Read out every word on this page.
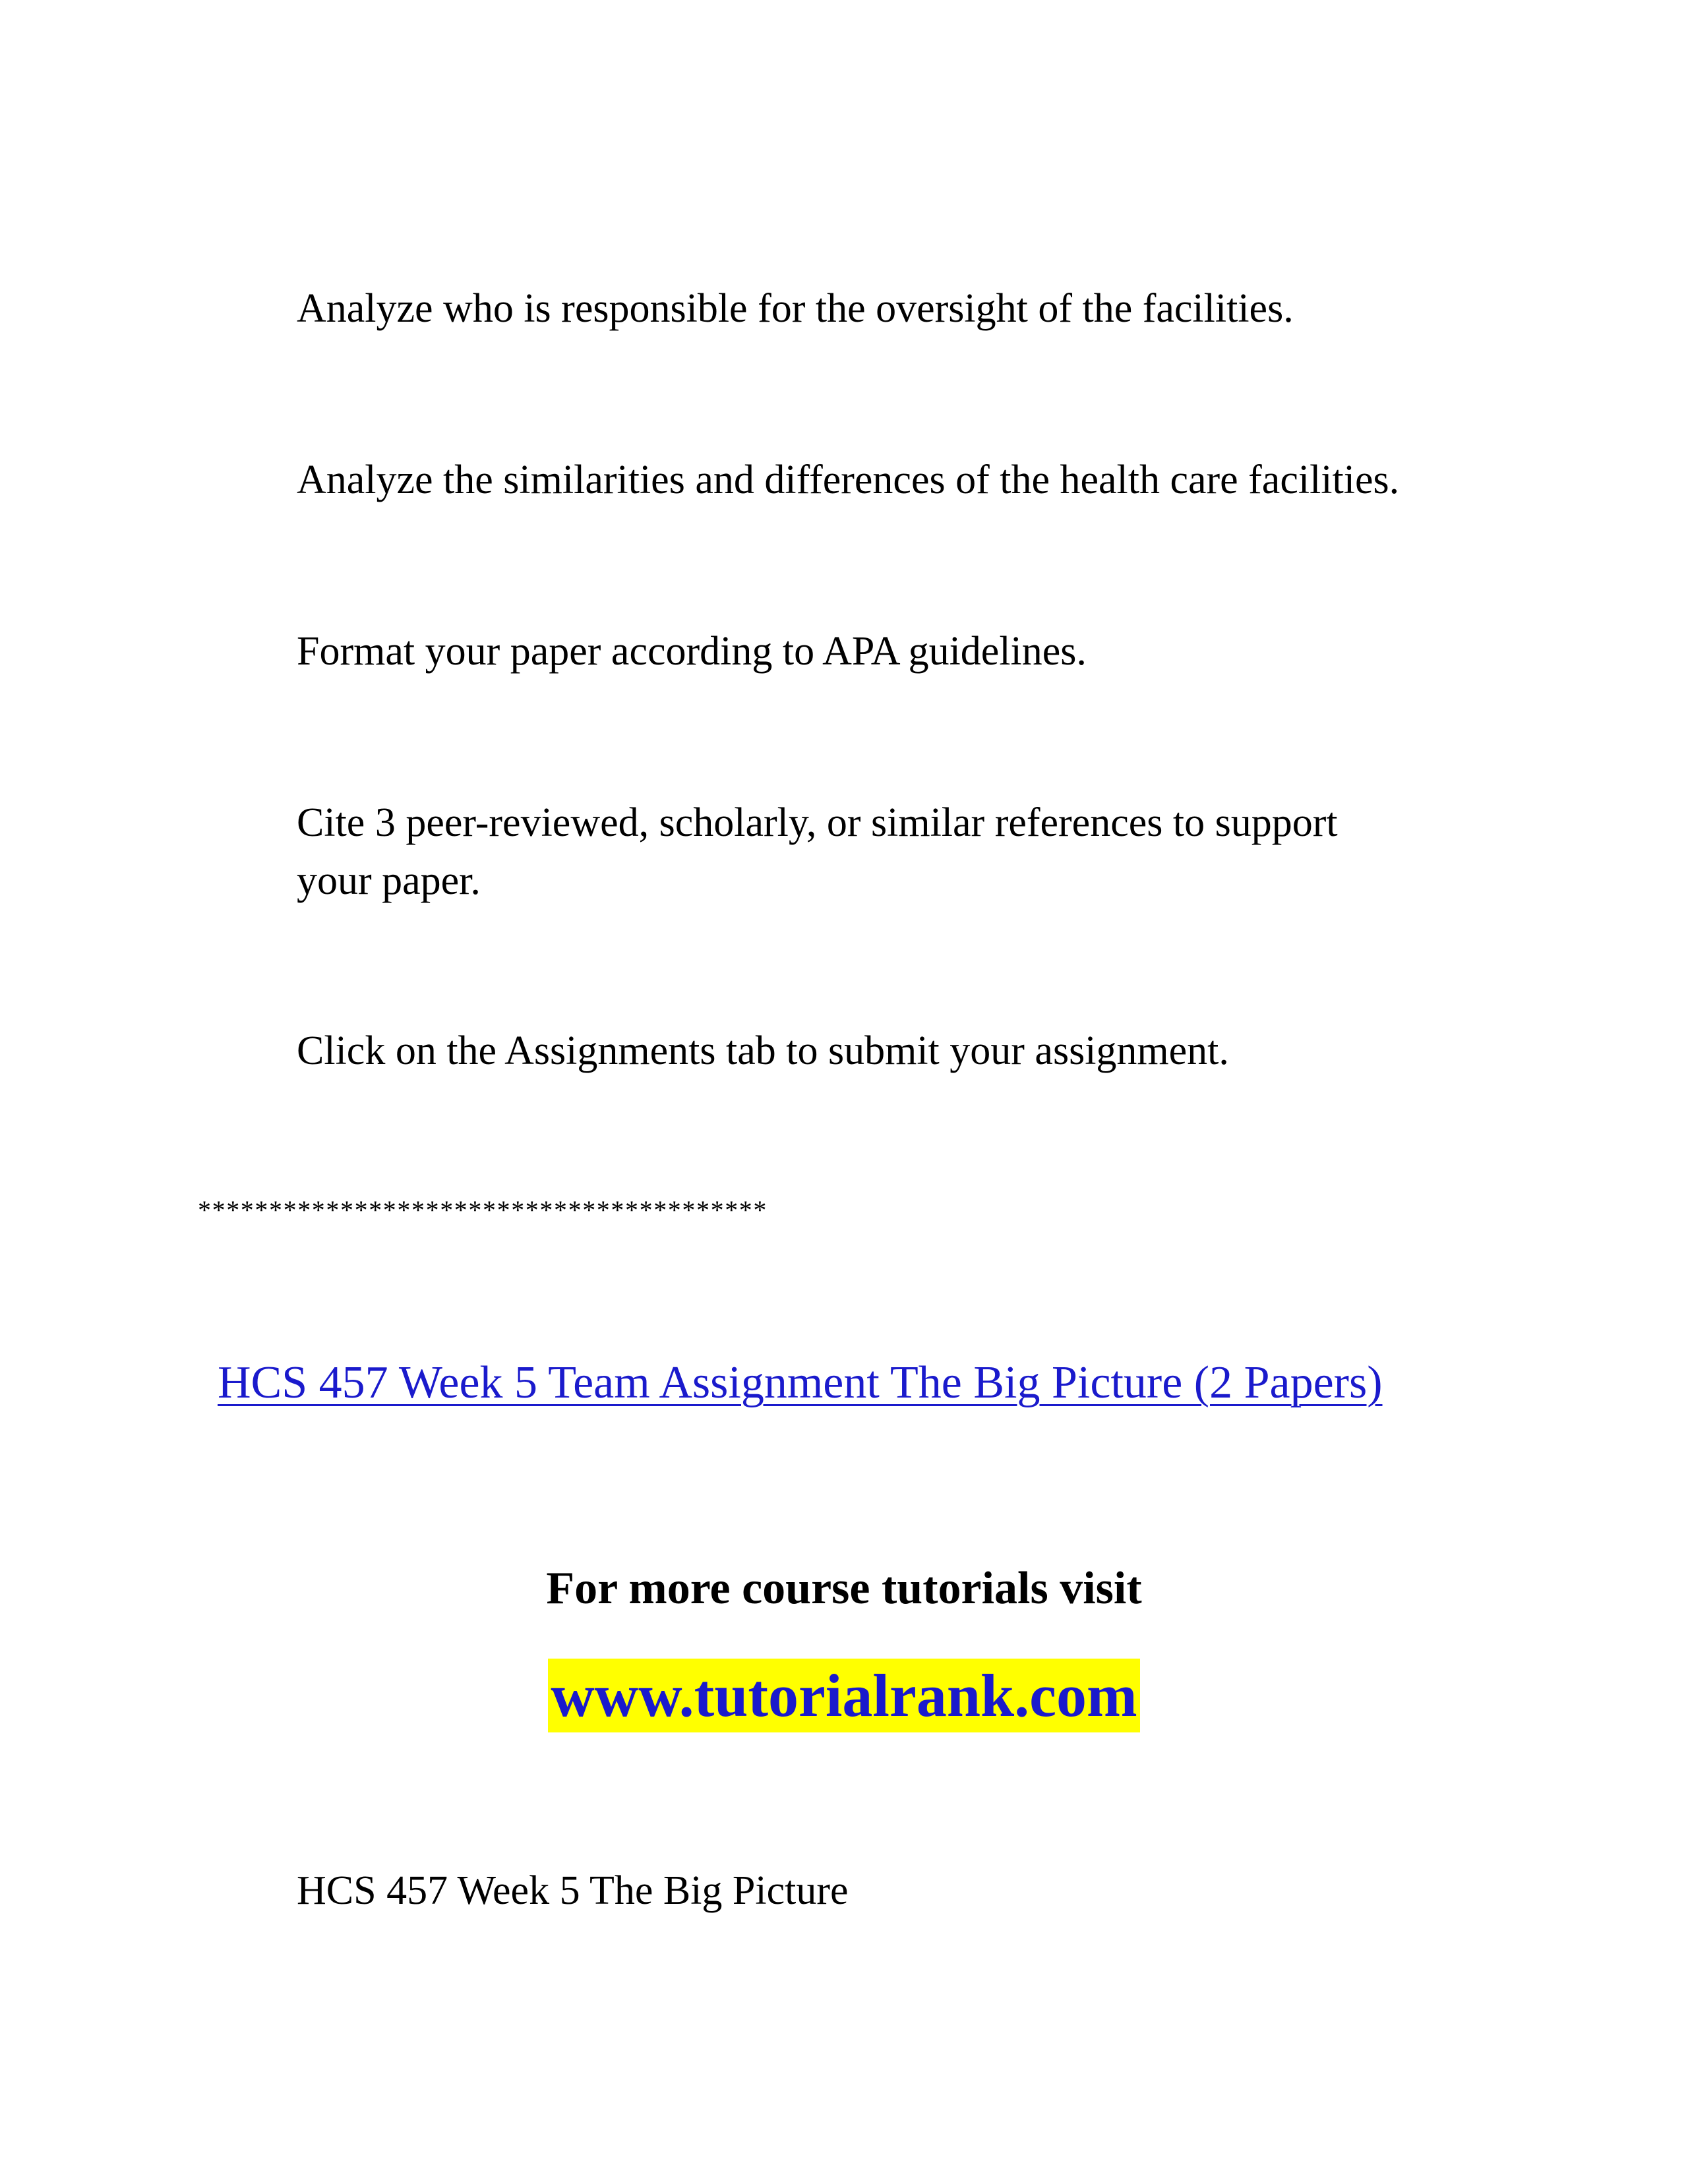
Analyze who is responsible for the oversight of the facilities.
Analyze the similarities and differences of the health care facilities.
Format your paper according to APA guidelines.
Cite 3 peer-reviewed, scholarly, or similar references to support
your paper.
Click on the Assignments tab to submit your assignment.
****************************************
HCS 457 Week 5 Team Assignment The Big Picture (2 Papers)
For more course tutorials visit
www.tutorialrank.com
HCS 457 Week 5 The Big Picture
